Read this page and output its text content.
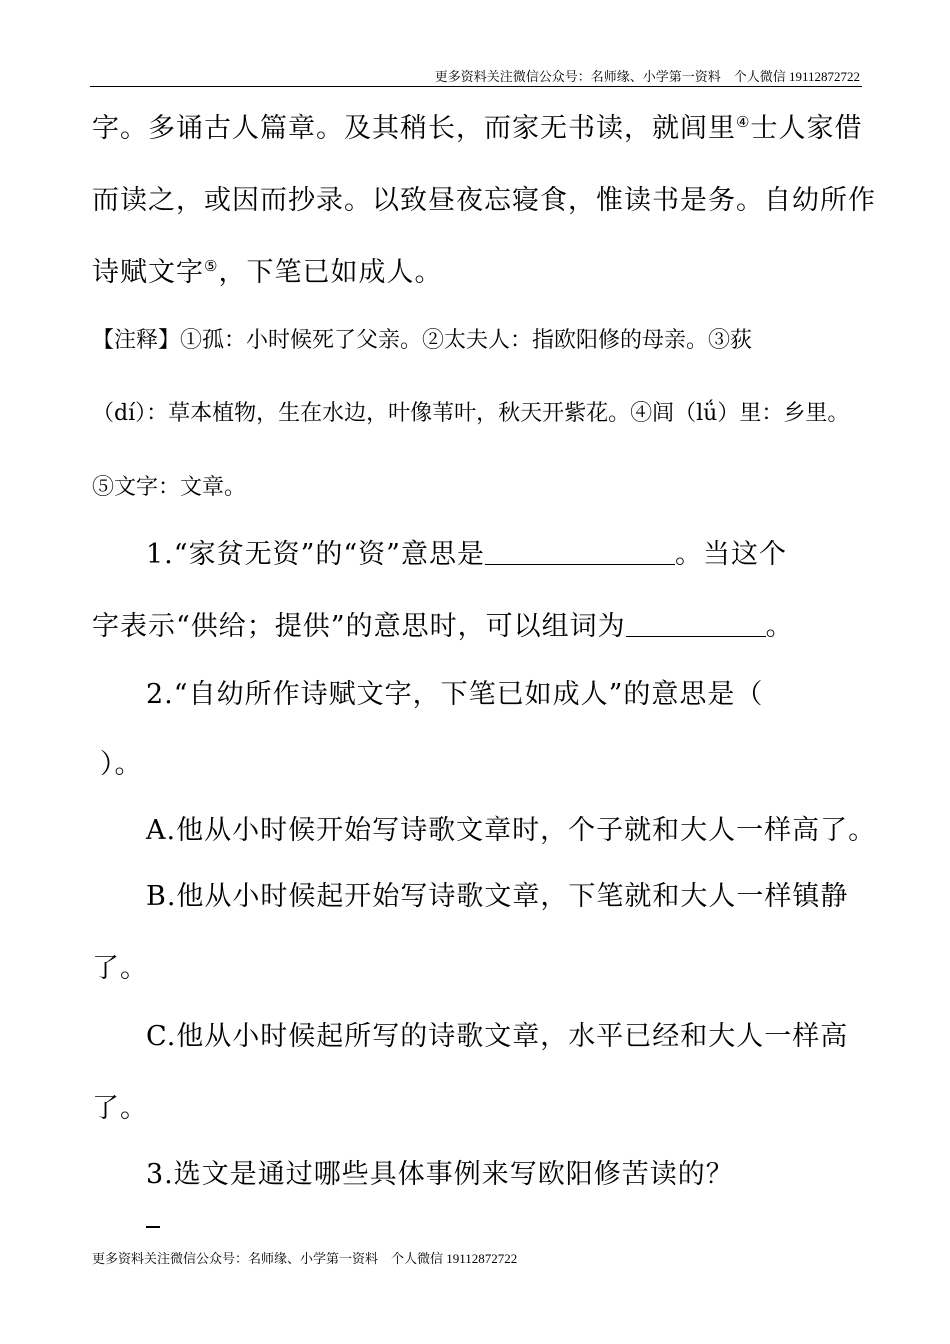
更多资料关注微信公众号：名师缘、小学第一资料　个人微信 19112872722
字。多诵古人篇章。及其稍长，而家无书读，就闾里④士人家借
而读之，或因而抄录。以致昼夜忘寝食，惟读书是务。自幼所作
诗赋文字⑤，下笔已如成人。
【注释】①孤：小时候死了父亲。②太夫人：指欧阳修的母亲。③荻
（dí）：草本植物，生在水边，叶像苇叶，秋天开紫花。④闾（lǘ）里：乡里。
⑤文字：文章。
1.“家贫无资”的“资”意思是	。当这个
字表示“供给；提供”的意思时，可以组词为	。
2.“自幼所作诗赋文字，下笔已如成人”的意思是（
）。
A.他从小时候开始写诗歌文章时，个子就和大人一样高了。
B.他从小时候起开始写诗歌文章，下笔就和大人一样镇静
了。
C.他从小时候起所写的诗歌文章，水平已经和大人一样高
了。
3.选文是通过哪些具体事例来写欧阳修苦读的？
更多资料关注微信公众号：名师缘、小学第一资料　个人微信 19112872722
